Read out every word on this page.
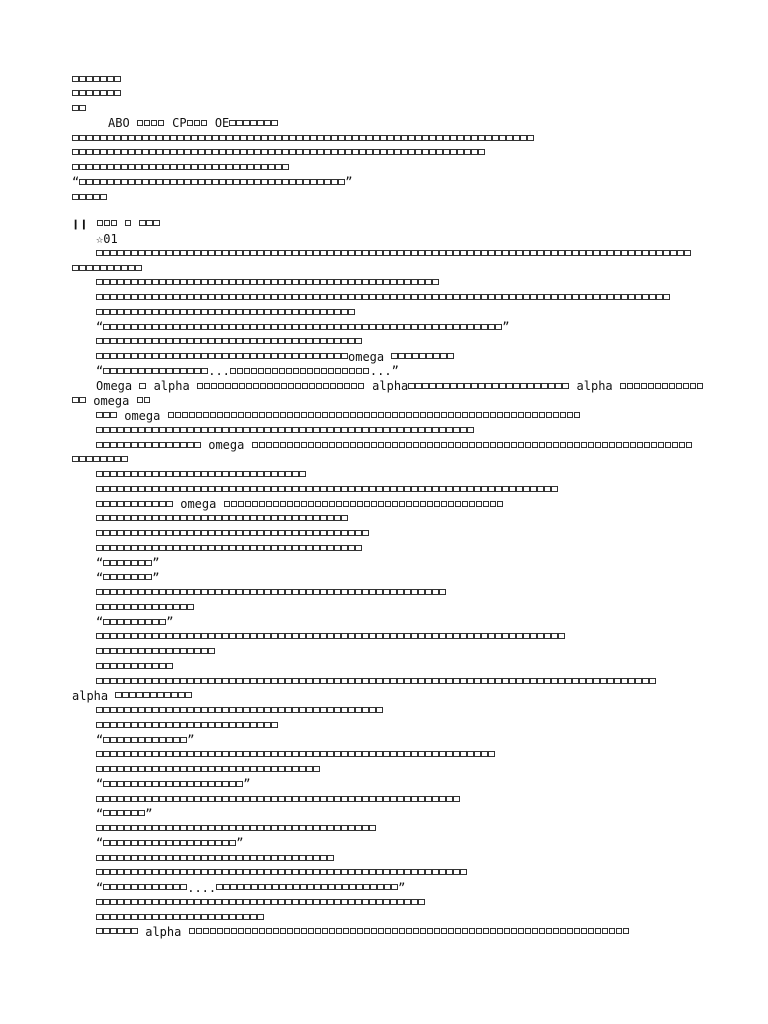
ABO  CP OE
“	”
❙❙
☆01
“	”
omega
“	...	...”
Omega  alpha	alpha	alpha
omega
omega
omega
omega
“	”
“	”
“	”
alpha
“	”
“	”
“	”
“	”
“	....	”
alpha
